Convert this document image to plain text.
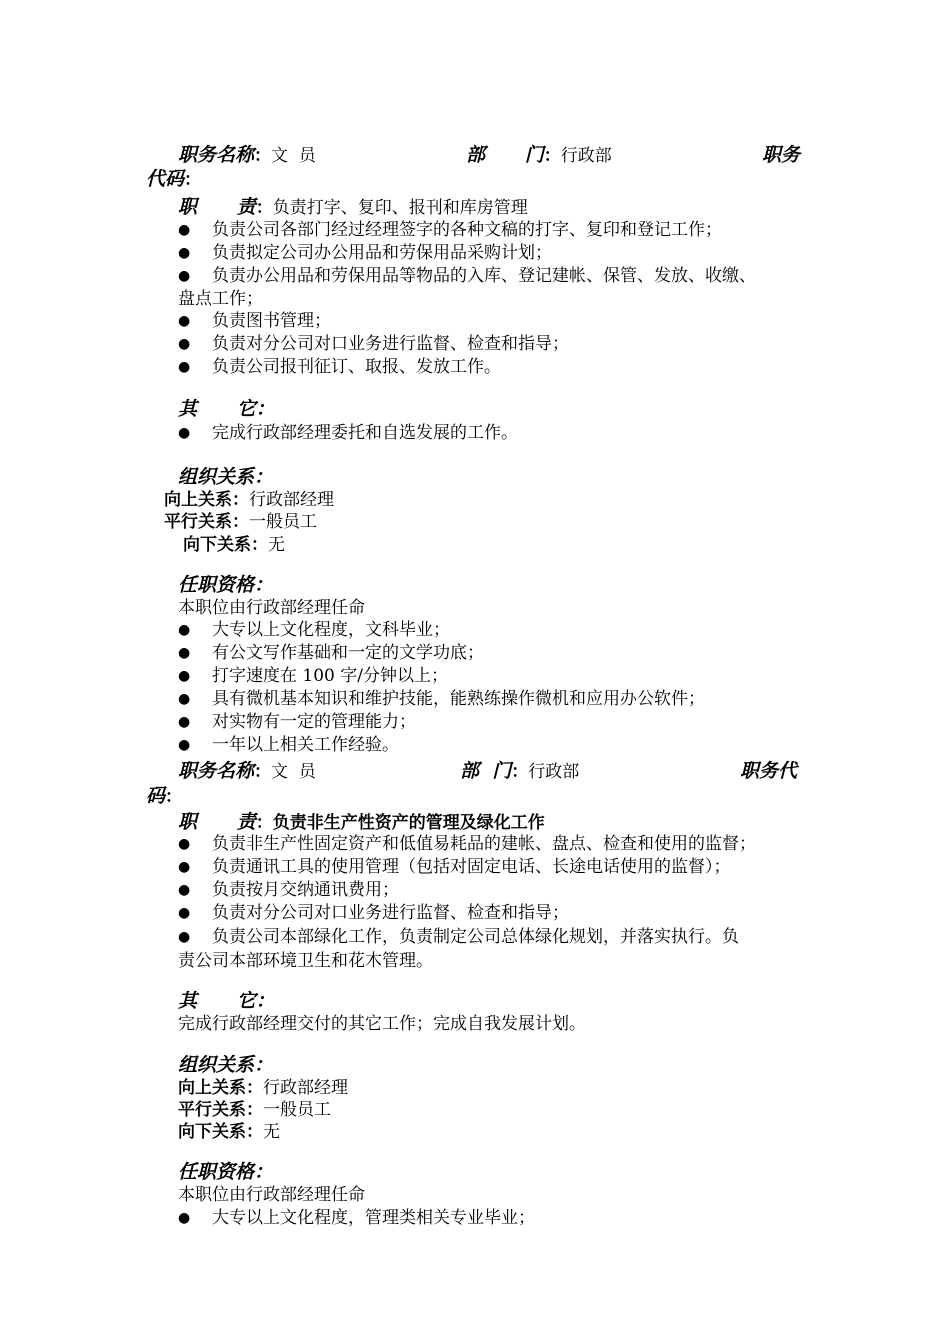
职务名称：文  员	部      门：行政部	职务
代码：
职      责：负责打字、复印、报刊和库房管理
● 负责公司各部门经过经理签字的各种文稿的打字、复印和登记工作；
● 负责拟定公司办公用品和劳保用品采购计划；
● 负责办公用品和劳保用品等物品的入库、登记建帐、保管、发放、收缴、
盘点工作；
● 负责图书管理；
● 负责对分公司对口业务进行监督、检查和指导；
● 负责公司报刊征订、取报、发放工作。
其      它：
● 完成行政部经理委托和自选发展的工作。
组织关系：
向上关系：行政部经理
平行关系：一般员工
向下关系：无
任职资格：
本职位由行政部经理任命
● 大专以上文化程度，文科毕业；
● 有公文写作基础和一定的文学功底；
● 打字速度在 100 字/分钟以上；
● 具有微机基本知识和维护技能，能熟练操作微机和应用办公软件；
● 对实物有一定的管理能力；
● 一年以上相关工作经验。
职务名称：文  员	部  门：行政部	职务代
码：
职      责：负责非生产性资产的管理及绿化工作
● 负责非生产性固定资产和低值易耗品的建帐、盘点、检查和使用的监督；
● 负责通讯工具的使用管理（包括对固定电话、长途电话使用的监督）；
● 负责按月交纳通讯费用；
● 负责对分公司对口业务进行监督、检查和指导；
● 负责公司本部绿化工作，负责制定公司总体绿化规划，并落实执行。负
责公司本部环境卫生和花木管理。
其      它：
完成行政部经理交付的其它工作；完成自我发展计划。
组织关系：
向上关系：行政部经理
平行关系：一般员工
向下关系：无
任职资格：
本职位由行政部经理任命
● 大专以上文化程度，管理类相关专业毕业；
